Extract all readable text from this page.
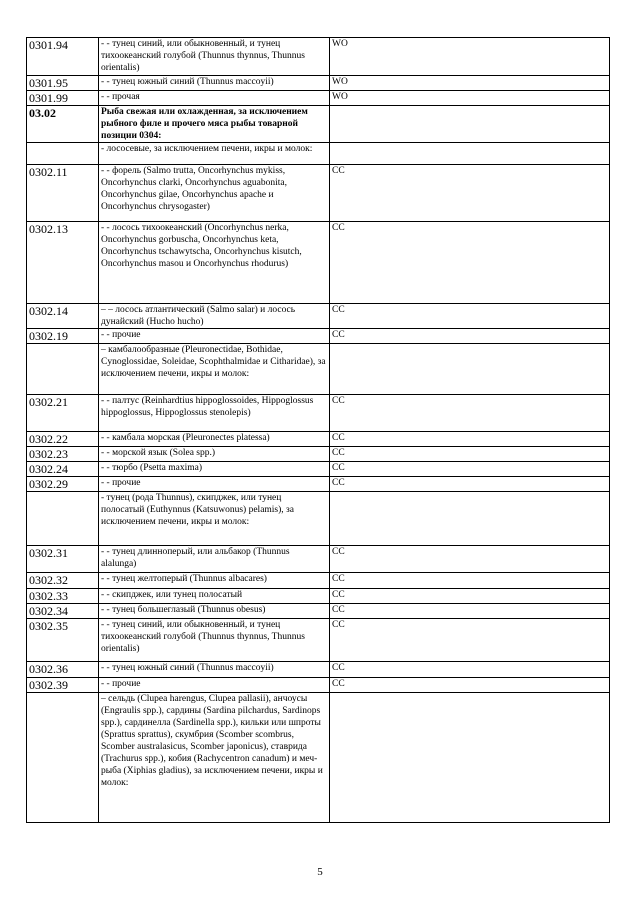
0301.94	- - тунец синий, или обыкновенный, и тунец тихоокеанский голубой (Thunnus thynnus, Thunnus orientalis)	WO
0301.95	- - тунец южный синий (Thunnus maccoyii)	WO
0301.99	- - прочая	WO
03.02	Рыба свежая или охлажденная, за исключением рыбного филе и прочего мяса рыбы товарной позиции 0304:	
	- лососевые, за исключением печени, икры и молок:	
0302.11	- - форель (Salmo trutta, Oncorhynchus mykiss, Oncorhynchus clarki, Oncorhynchus aguabonita, Oncorhynchus gilae, Oncorhynchus apache и Oncorhynchus chrysogaster)	CC
0302.13	- - лосось тихоокеанский (Oncorhynchus nerka, Oncorhynchus gorbuscha, Oncorhynchus keta, Oncorhynchus tschawytscha, Oncorhynchus kisutch, Oncorhynchus masou и Oncorhynchus rhodurus)	CC
0302.14	– – лосось атлантический (Salmo salar) и лосось дунайский (Hucho hucho)	CC
0302.19	- - прочие	CC
	– камбалообразные (Pleuronectidae, Bothidae, Cynoglossidae, Soleidae, Scophthalmidae и Citharidae), за исключением печени, икры и молок:	
0302.21	- - палтус (Reinhardtius hippoglossoides, Hippoglossus hippoglossus, Hippoglossus stenolepis)	CC
0302.22	- - камбала морская (Pleuronectes platessa)	CC
0302.23	- - морской язык (Solea spp.)	CC
0302.24	- - тюрбо (Psetta maxima)	CC
0302.29	- - прочие	CC
	- тунец (рода Thunnus), скипджек, или тунец полосатый (Euthynnus (Katsuwonus) pelamis), за исключением печени, икры и молок:	
0302.31	- - тунец длинноперый, или альбакор (Thunnus alalunga)	CC
0302.32	- - тунец желтоперый (Thunnus albacares)	CC
0302.33	- - скипджек, или тунец полосатый	CC
0302.34	- - тунец большеглазый (Thunnus obesus)	CC
0302.35	- - тунец синий, или обыкновенный, и тунец тихоокеанский голубой (Thunnus thynnus, Thunnus orientalis)	CC
0302.36	- - тунец южный синий (Thunnus maccoyii)	CC
0302.39	- - прочие	CC
	– сельдь (Clupea harengus, Clupea pallasii), анчоусы (Engraulis spp.), сардины (Sardina pilchardus, Sardinops spp.), сардинелла (Sardinella spp.), кильки или шпроты (Sprattus sprattus), скумбрия (Scomber scombrus, Scomber australasicus, Scomber japonicus), ставрида (Trachurus spp.), кобия (Rachycentron canadum) и меч-рыба (Xiphias gladius), за исключением печени, икры и молок:	
5
